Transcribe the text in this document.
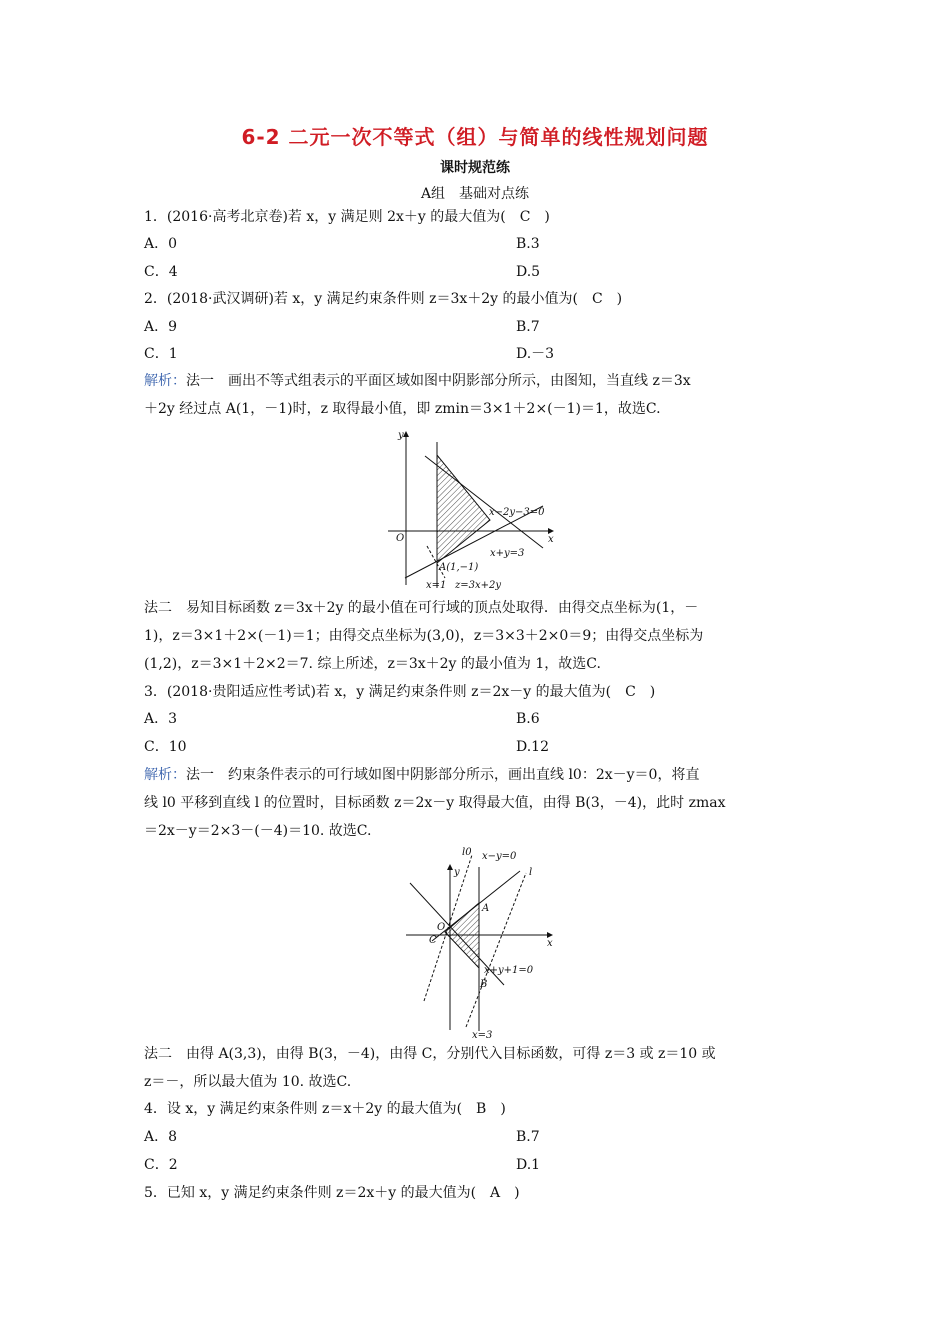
6-2 二元一次不等式（组）与简单的线性规划问题
课时规范练
A组　基础对点练
1．(2016·高考北京卷)若 x，y 满足则 2x＋y 的最大值为(　C　)
A．0	B.3
C．4	D.5
2．(2018·武汉调研)若 x，y 满足约束条件则 z＝3x＋2y 的最小值为(　C　)
A．9	B.7
C．1	D.－3
解析：法一　画出不等式组表示的平面区域如图中阴影部分所示，由图知，当直线 z＝3x
＋2y 经过点 A(1，－1)时，z 取得最小值，即 zmin＝3×1＋2×(－1)＝1，故选C.
y
x
O
x−2y−3=0
x+y=3
A(1,−1)
x=1 z=3x+2y
法二　易知目标函数 z＝3x＋2y 的最小值在可行域的顶点处取得．由得交点坐标为(1，－
1)，z＝3×1＋2×(－1)＝1；由得交点坐标为(3,0)，z＝3×3＋2×0＝9；由得交点坐标为
(1,2)，z＝3×1＋2×2＝7. 综上所述，z＝3x＋2y 的最小值为 1，故选C.
3．(2018·贵阳适应性考试)若 x，y 满足约束条件则 z＝2x－y 的最大值为(　C　)
A．3	B.6
C．10	D.12
解析：法一　约束条件表示的可行域如图中阴影部分所示，画出直线 l0：2x－y＝0，将直
线 l0 平移到直线 l 的位置时，目标函数 z＝2x－y 取得最大值，由得 B(3，－4)，此时 zmax
＝2x－y＝2×3－(－4)＝10. 故选C.
l0 x−y=0
l
y
x
O
C
A
B
x+y+1=0
x=3
法二　由得 A(3,3)，由得 B(3，－4)，由得 C，分别代入目标函数，可得 z＝3 或 z＝10 或
z＝－，所以最大值为 10. 故选C.
4．设 x，y 满足约束条件则 z＝x＋2y 的最大值为(　B　)
A．8	B.7
C．2	D.1
5．已知 x，y 满足约束条件则 z＝2x＋y 的最大值为(　A　)
